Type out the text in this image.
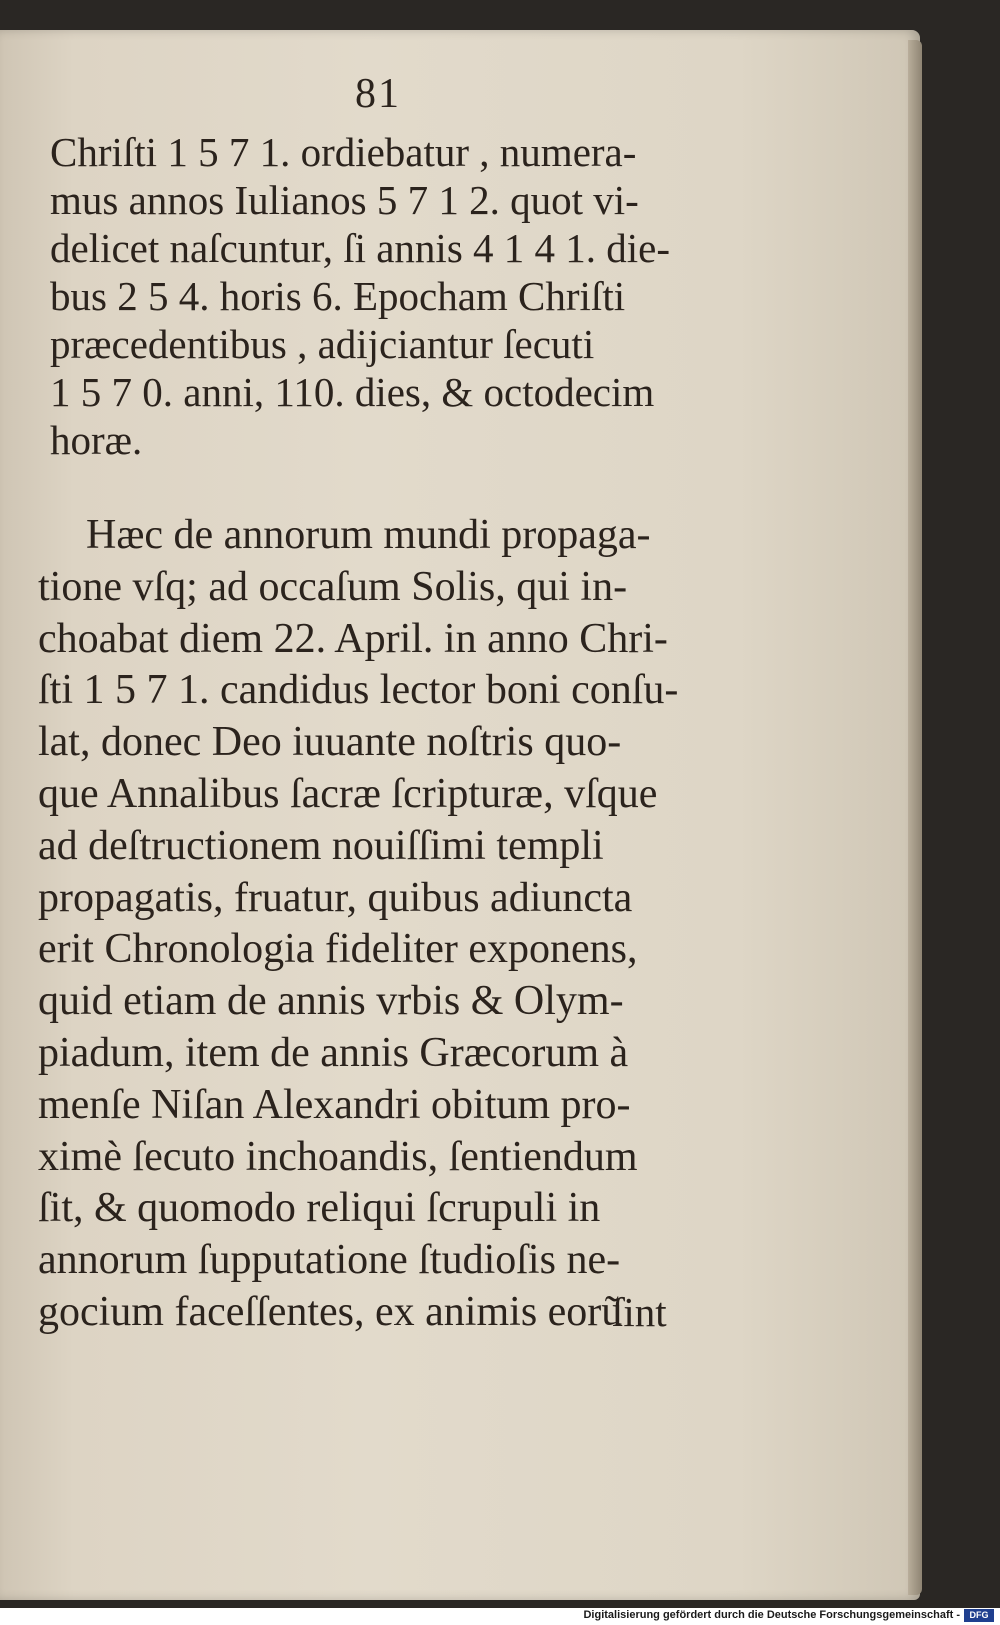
81
Chriſti 1 5 7 1. ordiebatur , numera-
mus annos Iulianos 5 7 1 2. quot vi-
delicet naſcuntur, ſi annis 4 1 4 1. die-
bus 2 5 4. horis 6. Epocham Chriſti
præcedentibus , adijciantur ſecuti
1 5 7 0. anni, 110. dies, & octodecim
horæ.
Hæc de annorum mundi propaga-
tione vſq; ad occaſum Solis, qui in-
choabat diem 22. April. in anno Chri-
ſti 1 5 7 1. candidus lector boni conſu-
lat, donec Deo iuuante noſtris quo-
que Annalibus ſacræ ſcripturæ, vſque
ad deſtructionem nouiſſimi templi
propagatis, fruatur, quibus adiuncta
erit Chronologia fideliter exponens,
quid etiam de annis vrbis & Olym-
piadum, item de annis Græcorum à
menſe Niſan Alexandri obitum pro-
ximè ſecuto inchoandis, ſentiendum
ſit, & quomodo reliqui ſcrupuli in
annorum ſupputatione ſtudioſis ne-
gocium faceſſentes, ex animis eorũ
ſint
Digitalisierung gefördert durch die Deutsche Forschungsgemeinschaft -	DFG
